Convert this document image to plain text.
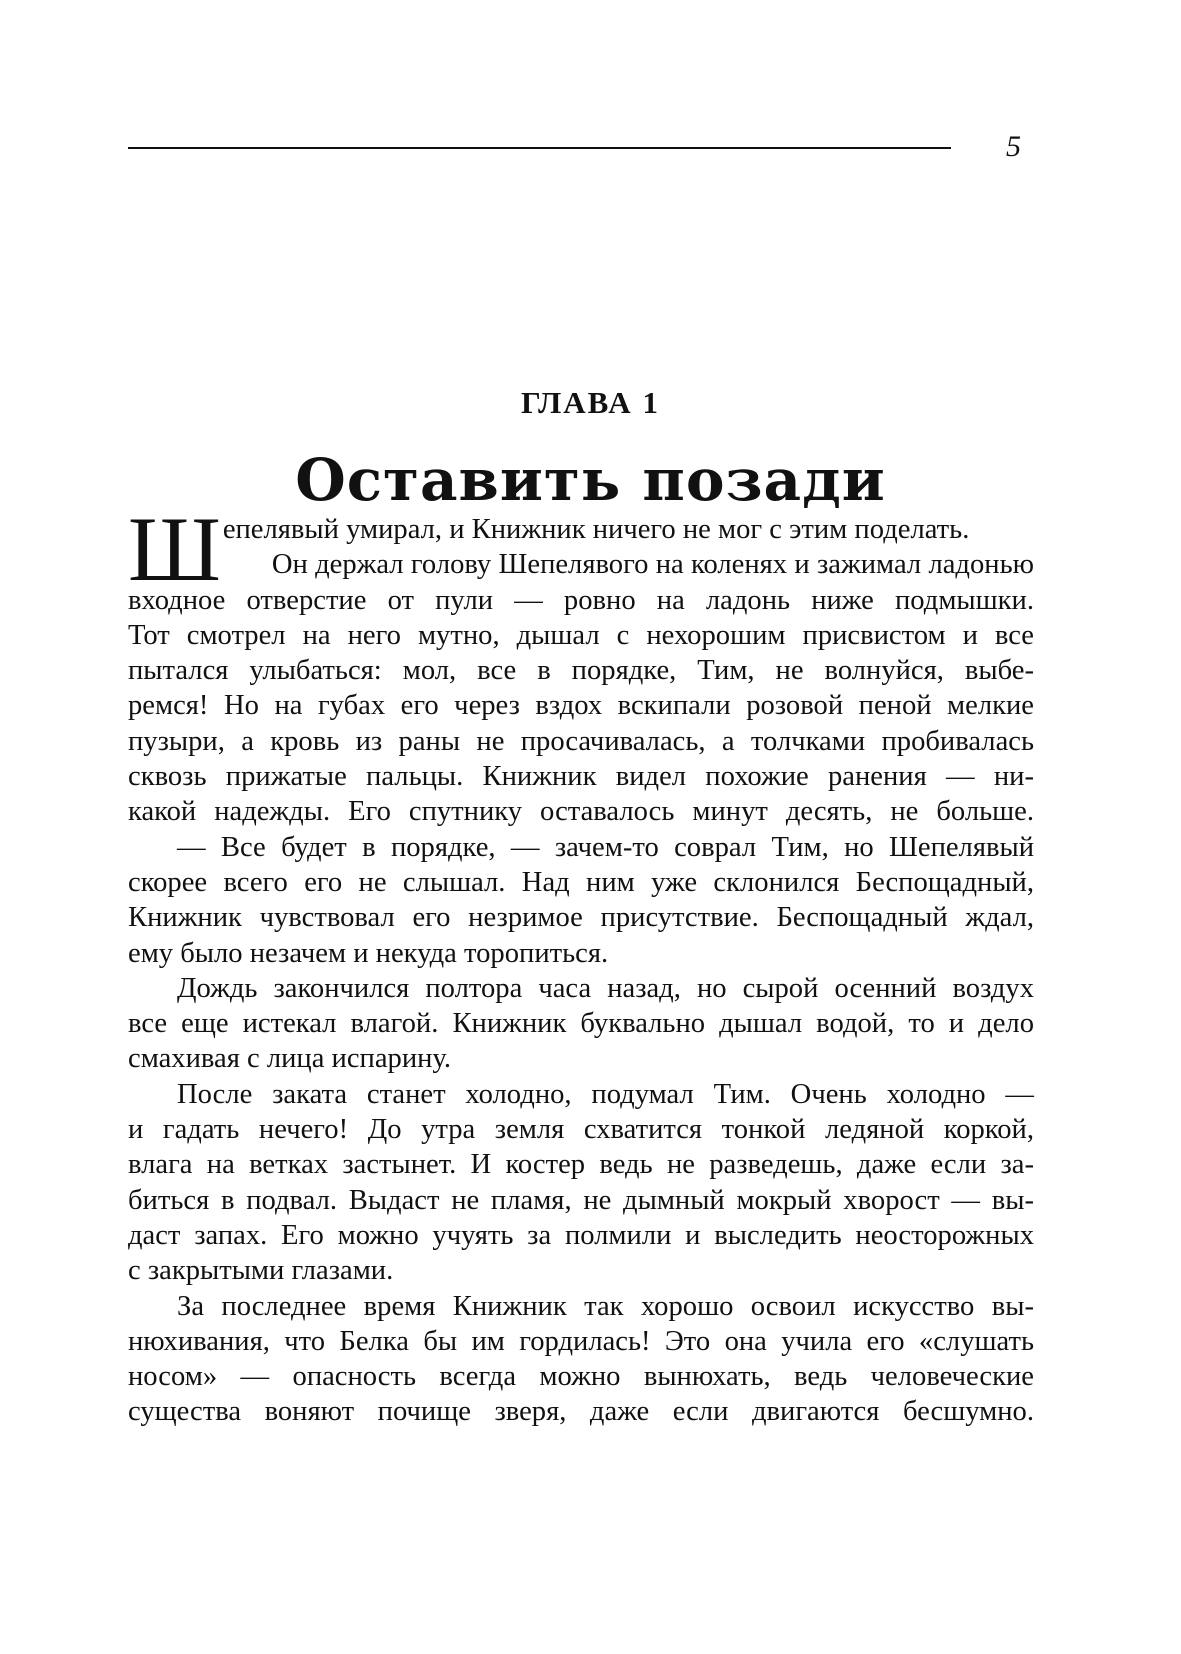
5
ГЛАВА 1
Оставить позади

Ш епелявый умирал, и Книжник ничего не мог с этим поделать.

Он держал голову Шепелявого на коленях и зажимал ладонью

входное отверстие от пули — ровно на ладонь ниже подмышки.
Тот смотрел на него мутно, дышал с нехорошим присвистом и все
пытался улыбаться: мол, все в порядке, Тим, не волнуйся, выбе-
ремся! Но на губах его через вздох вскипали розовой пеной мелкие
пузыри, а кровь из раны не просачивалась, а толчками пробивалась
сквозь прижатые пальцы. Книжник видел похожие ранения — ни-
какой надежды. Его спутнику оставалось минут десять, не больше.

— Все будет в порядке, — зачем-то соврал Тим, но Шепелявый

скорее всего его не слышал. Над ним уже склонился Беспощадный,
Книжник чувствовал его незримое присутствие. Беспощадный ждал,
ему было незачем и некуда торопиться.

Дождь закончился полтора часа назад, но сырой осенний воздух

все еще истекал влагой. Книжник буквально дышал водой, то и дело
смахивая с лица испарину.

После заката станет холодно, подумал Тим. Очень холодно —

и гадать нечего! До утра земля схватится тонкой ледяной коркой,
влага на ветках застынет. И костер ведь не разведешь, даже если за-
биться в подвал. Выдаст не пламя, не дымный мокрый хворост — вы-
даст запах. Его можно учуять за полмили и выследить неосторожных
с закрытыми глазами.

За последнее время Книжник так хорошо освоил искусство вы-

нюхивания, что Белка бы им гордилась! Это она учила его «слушать
носом» — опасность всегда можно вынюхать, ведь человеческие
существа воняют почище зверя, даже если двигаются бесшумно.
